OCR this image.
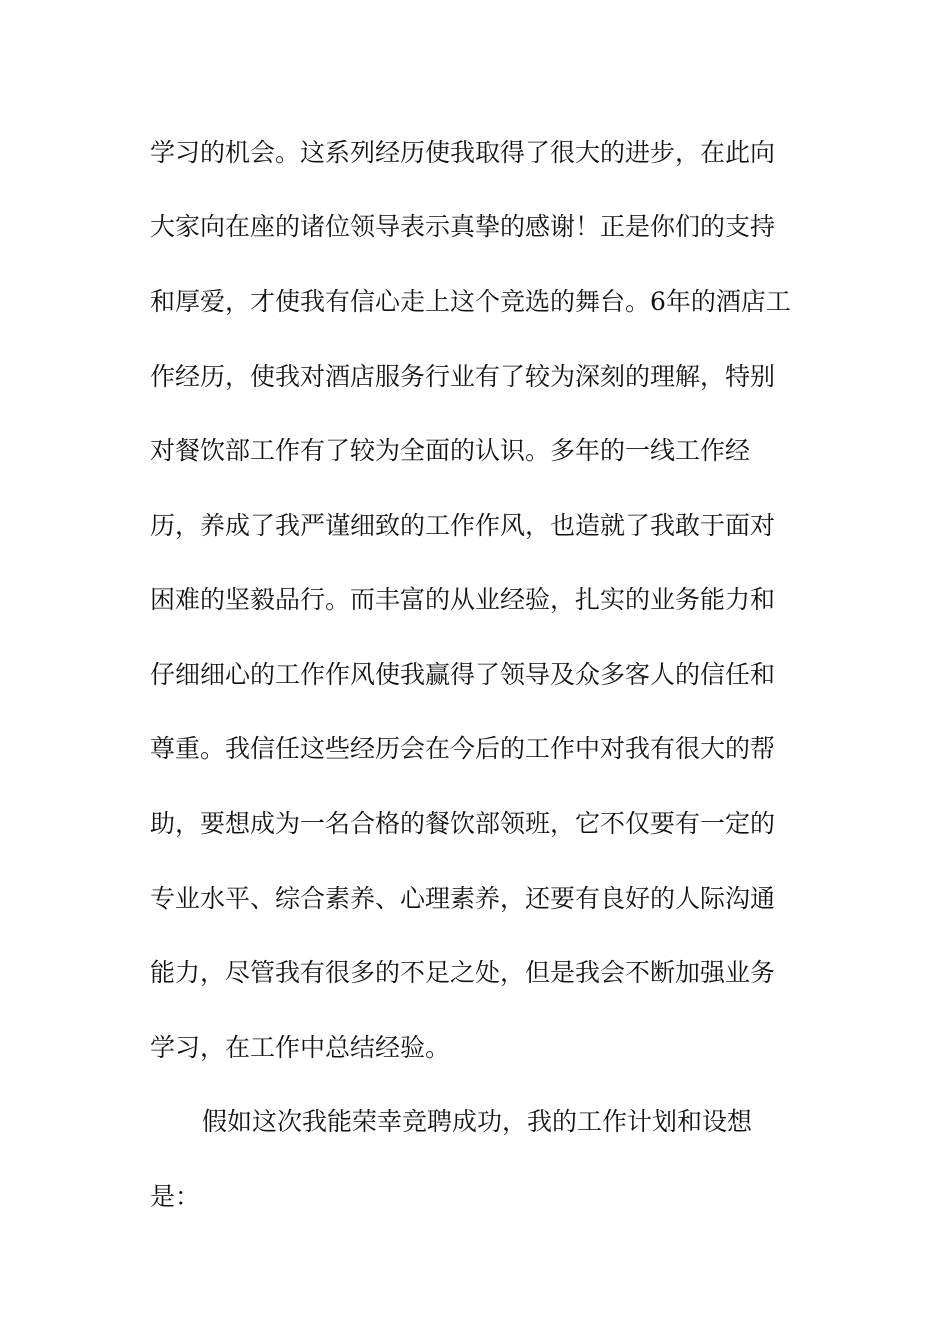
学习的机会。这系列经历使我取得了很大的进步，在此向
大家向在座的诸位领导表示真挚的感谢！正是你们的支持
和厚爱，才使我有信心走上这个竞选的舞台。6年的酒店工
作经历，使我对酒店服务行业有了较为深刻的理解，特别
对餐饮部工作有了较为全面的认识。多年的一线工作经
历，养成了我严谨细致的工作作风，也造就了我敢于面对
困难的坚毅品行。而丰富的从业经验，扎实的业务能力和
仔细细心的工作作风使我赢得了领导及众多客人的信任和
尊重。我信任这些经历会在今后的工作中对我有很大的帮
助，要想成为一名合格的餐饮部领班，它不仅要有一定的
专业水平、综合素养、心理素养，还要有良好的人际沟通
能力，尽管我有很多的不足之处，但是我会不断加强业务
学习，在工作中总结经验。
假如这次我能荣幸竞聘成功，我的工作计划和设想
是：
